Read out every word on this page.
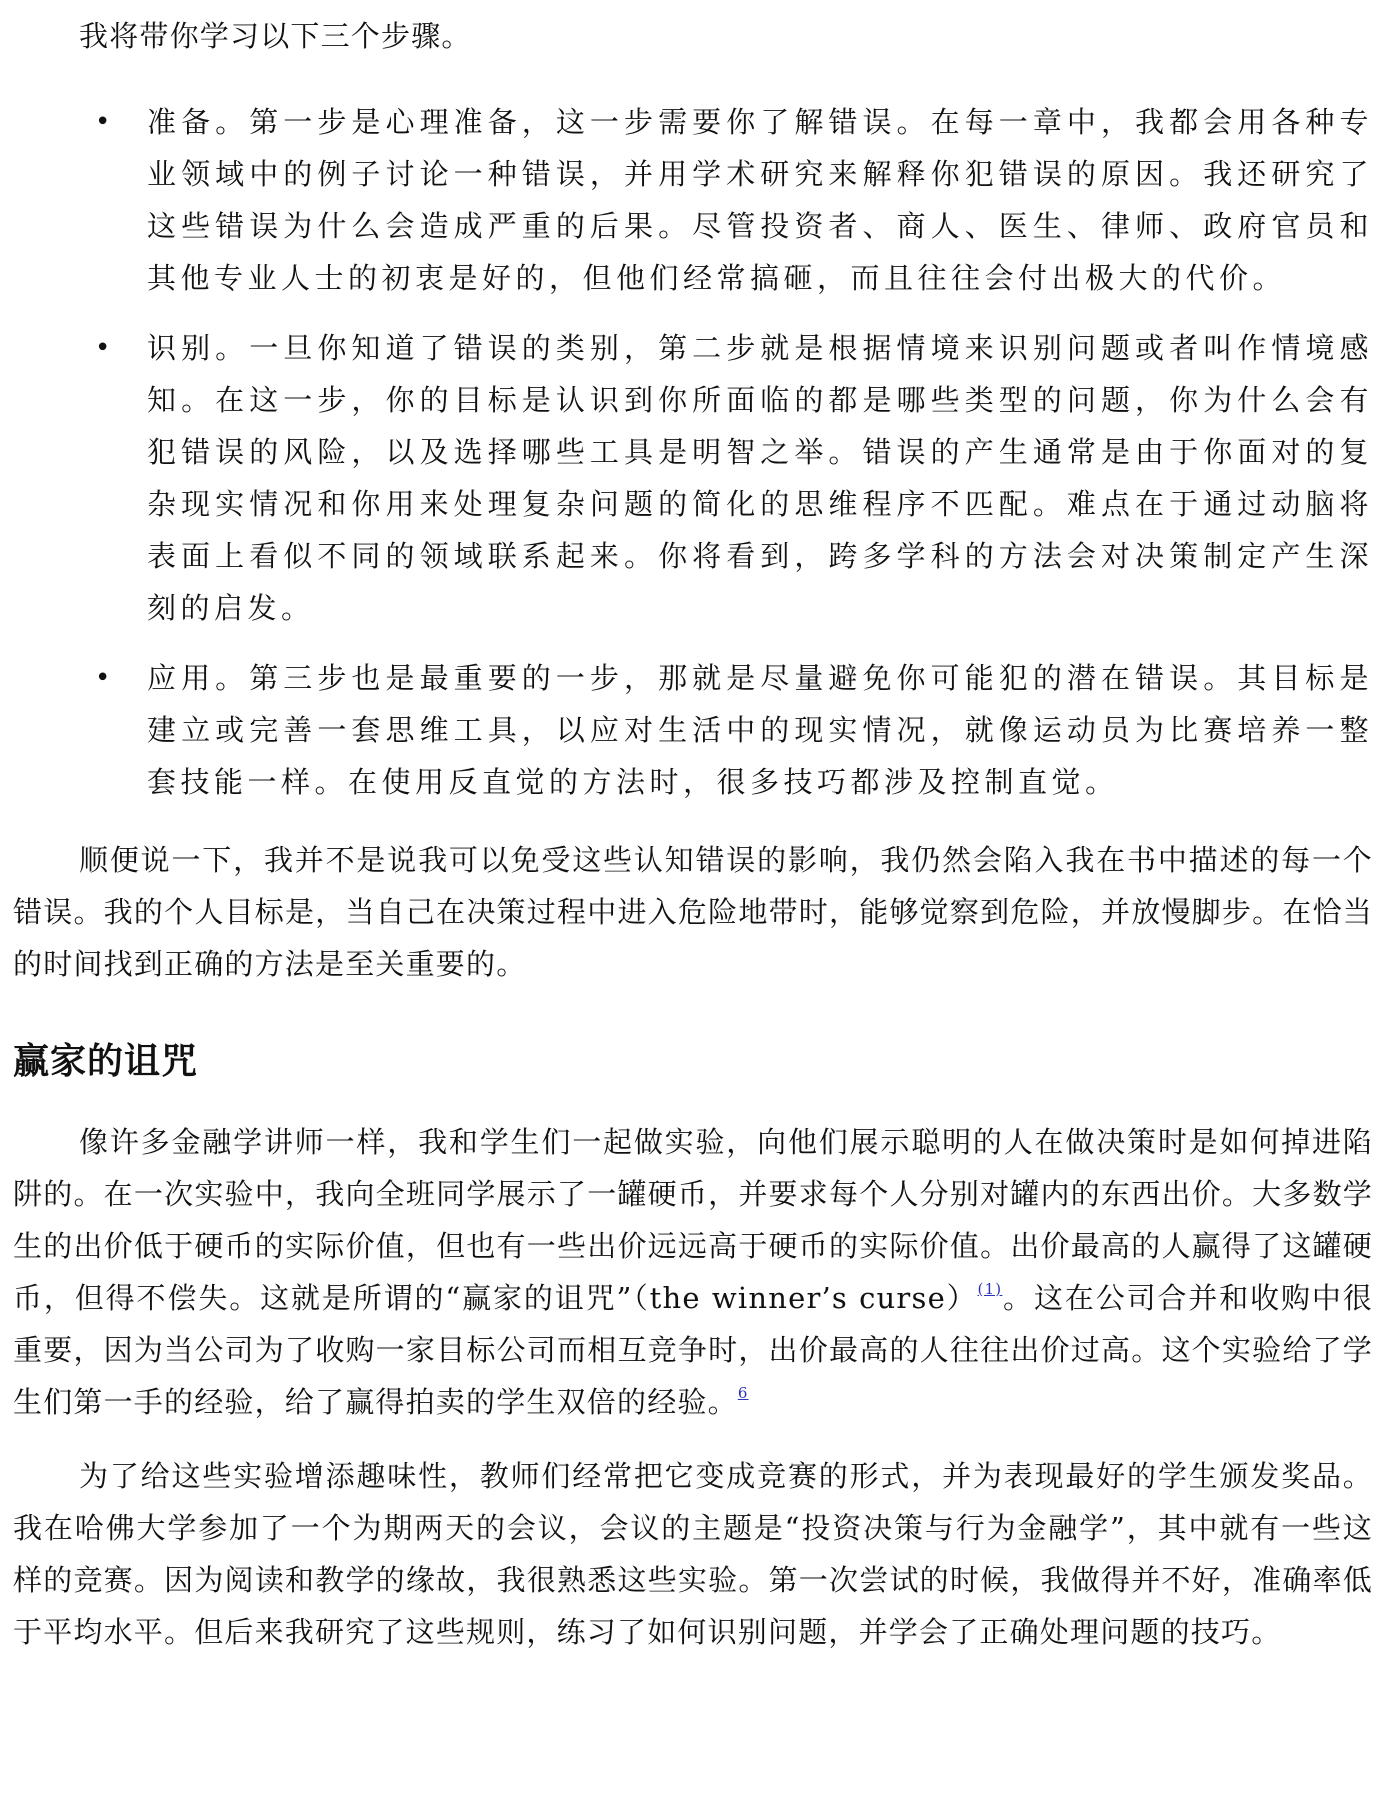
我将带你学习以下三个步骤。

• 准备。第一步是心理准备，这一步需要你了解错误。在每一章中，我都会用各种专业领域中的例子讨论一种错误，并用学术研究来解释你犯错误的原因。我还研究了这些错误为什么会造成严重的后果。尽管投资者、商人、医生、律师、政府官员和其他专业人士的初衷是好的，但他们经常搞砸，而且往往会付出极大的代价。
• 识别。一旦你知道了错误的类别，第二步就是根据情境来识别问题或者叫作情境感知。在这一步，你的目标是认识到你所面临的都是哪些类型的问题，你为什么会有犯错误的风险，以及选择哪些工具是明智之举。错误的产生通常是由于你面对的复杂现实情况和你用来处理复杂问题的简化的思维程序不匹配。难点在于通过动脑将表面上看似不同的领域联系起来。你将看到，跨多学科的方法会对决策制定产生深刻的启发。
• 应用。第三步也是最重要的一步，那就是尽量避免你可能犯的潜在错误。其目标是建立或完善一套思维工具，以应对生活中的现实情况，就像运动员为比赛培养一整套技能一样。在使用反直觉的方法时，很多技巧都涉及控制直觉。

顺便说一下，我并不是说我可以免受这些认知错误的影响，我仍然会陷入我在书中描述的每一个错误。我的个人目标是，当自己在决策过程中进入危险地带时，能够觉察到危险，并放慢脚步。在恰当的时间找到正确的方法是至关重要的。

赢家的诅咒

像许多金融学讲师一样，我和学生们一起做实验，向他们展示聪明的人在做决策时是如何掉进陷阱的。在一次实验中，我向全班同学展示了一罐硬币，并要求每个人分别对罐内的东西出价。大多数学生的出价低于硬币的实际价值，但也有一些出价远远高于硬币的实际价值。出价最高的人赢得了这罐硬币，但得不偿失。这就是所谓的“赢家的诅咒”（the winner’s curse）$^{(1)}$。这在公司合并和收购中很重要，因为当公司为了收购一家目标公司而相互竞争时，出价最高的人往往出价过高。这个实验给了学生们第一手的经验，给了赢得拍卖的学生双倍的经验。$^6$

为了给这些实验增添趣味性，教师们经常把它变成竞赛的形式，并为表现最好的学生颁发奖品。我在哈佛大学参加了一个为期两天的会议，会议的主题是“投资决策与行为金融学”，其中就有一些这样的竞赛。因为阅读和教学的缘故，我很熟悉这些实验。第一次尝试的时候，我做得并不好，准确率低于平均水平。但后来我研究了这些规则，练习了如何识别问题，并学会了正确处理问题的技巧。
